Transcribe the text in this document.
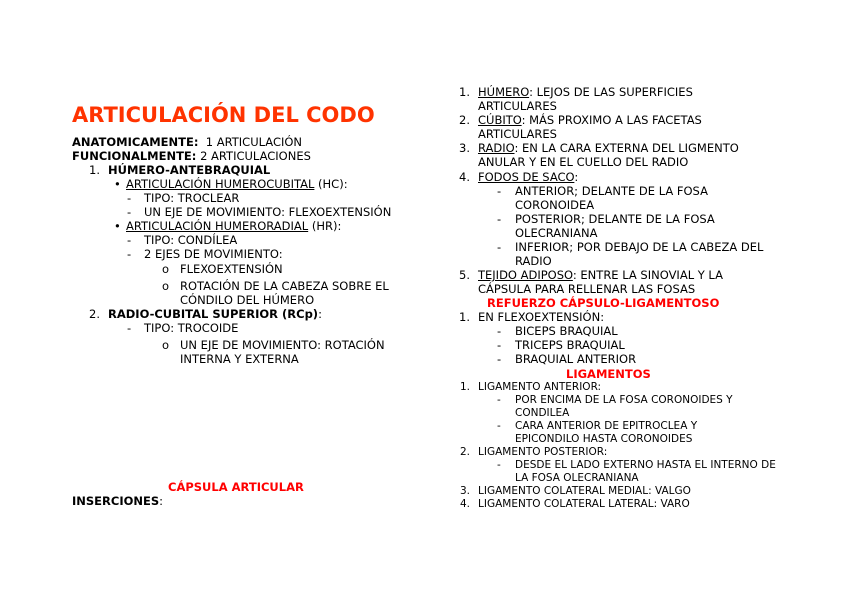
ARTICULACIÓN DEL CODO
ANATOMICAMENTE: 1 ARTICULACIÓN
FUNCIONALMENTE: 2 ARTICULACIONES
1. HÚMERO-ANTEBRAQUIAL
• ARTICULACIÓN HUMEROCUBITAL (HC):
- TIPO: TROCLEAR
- UN EJE DE MOVIMIENTO: FLEXOEXTENSIÓN
• ARTICULACIÓN HUMERORADIAL (HR):
- TIPO: CONDÍLEA
- 2 EJES DE MOVIMIENTO:
o FLEXOEXTENSIÓN
o ROTACIÓN DE LA CABEZA SOBRE EL CÓNDILO DEL HÚMERO
2. RADIO-CUBITAL SUPERIOR (RCp):
- TIPO: TROCOIDE
o UN EJE DE MOVIMIENTO: ROTACIÓN INTERNA Y EXTERNA
CÁPSULA ARTICULAR
INSERCIONES:
1. HÚMERO: LEJOS DE LAS SUPERFICIES ARTICULARES
2. CÚBITO: MÁS PROXIMO A LAS FACETAS ARTICULARES
3. RADIO: EN LA CARA EXTERNA DEL LIGMENTO ANULAR Y EN EL CUELLO DEL RADIO
4. FODOS DE SACO:
- ANTERIOR; DELANTE DE LA FOSA CORONOIDEA
- POSTERIOR; DELANTE DE LA FOSA OLECRANIANA
- INFERIOR; POR DEBAJO DE LA CABEZA DEL RADIO
5. TEJIDO ADIPOSO: ENTRE LA SINOVIAL Y LA CÁPSULA PARA RELLENAR LAS FOSAS
REFUERZO CÁPSULO-LIGAMENTOSO
1. EN FLEXOEXTENSIÓN:
- BICEPS BRAQUIAL
- TRICEPS BRAQUIAL
- BRAQUIAL ANTERIOR
LIGAMENTOS
1. LIGAMENTO ANTERIOR:
- POR ENCIMA DE LA FOSA CORONOIDES Y CONDILEA
- CARA ANTERIOR DE EPITROCLEA Y EPICONDILO HASTA CORONOIDES
2. LIGAMENTO POSTERIOR:
- DESDE EL LADO EXTERNO HASTA EL INTERNO DE LA FOSA OLECRANIANA
3. LIGAMENTO COLATERAL MEDIAL: VALGO
4. LIGAMENTO COLATERAL LATERAL: VARO
